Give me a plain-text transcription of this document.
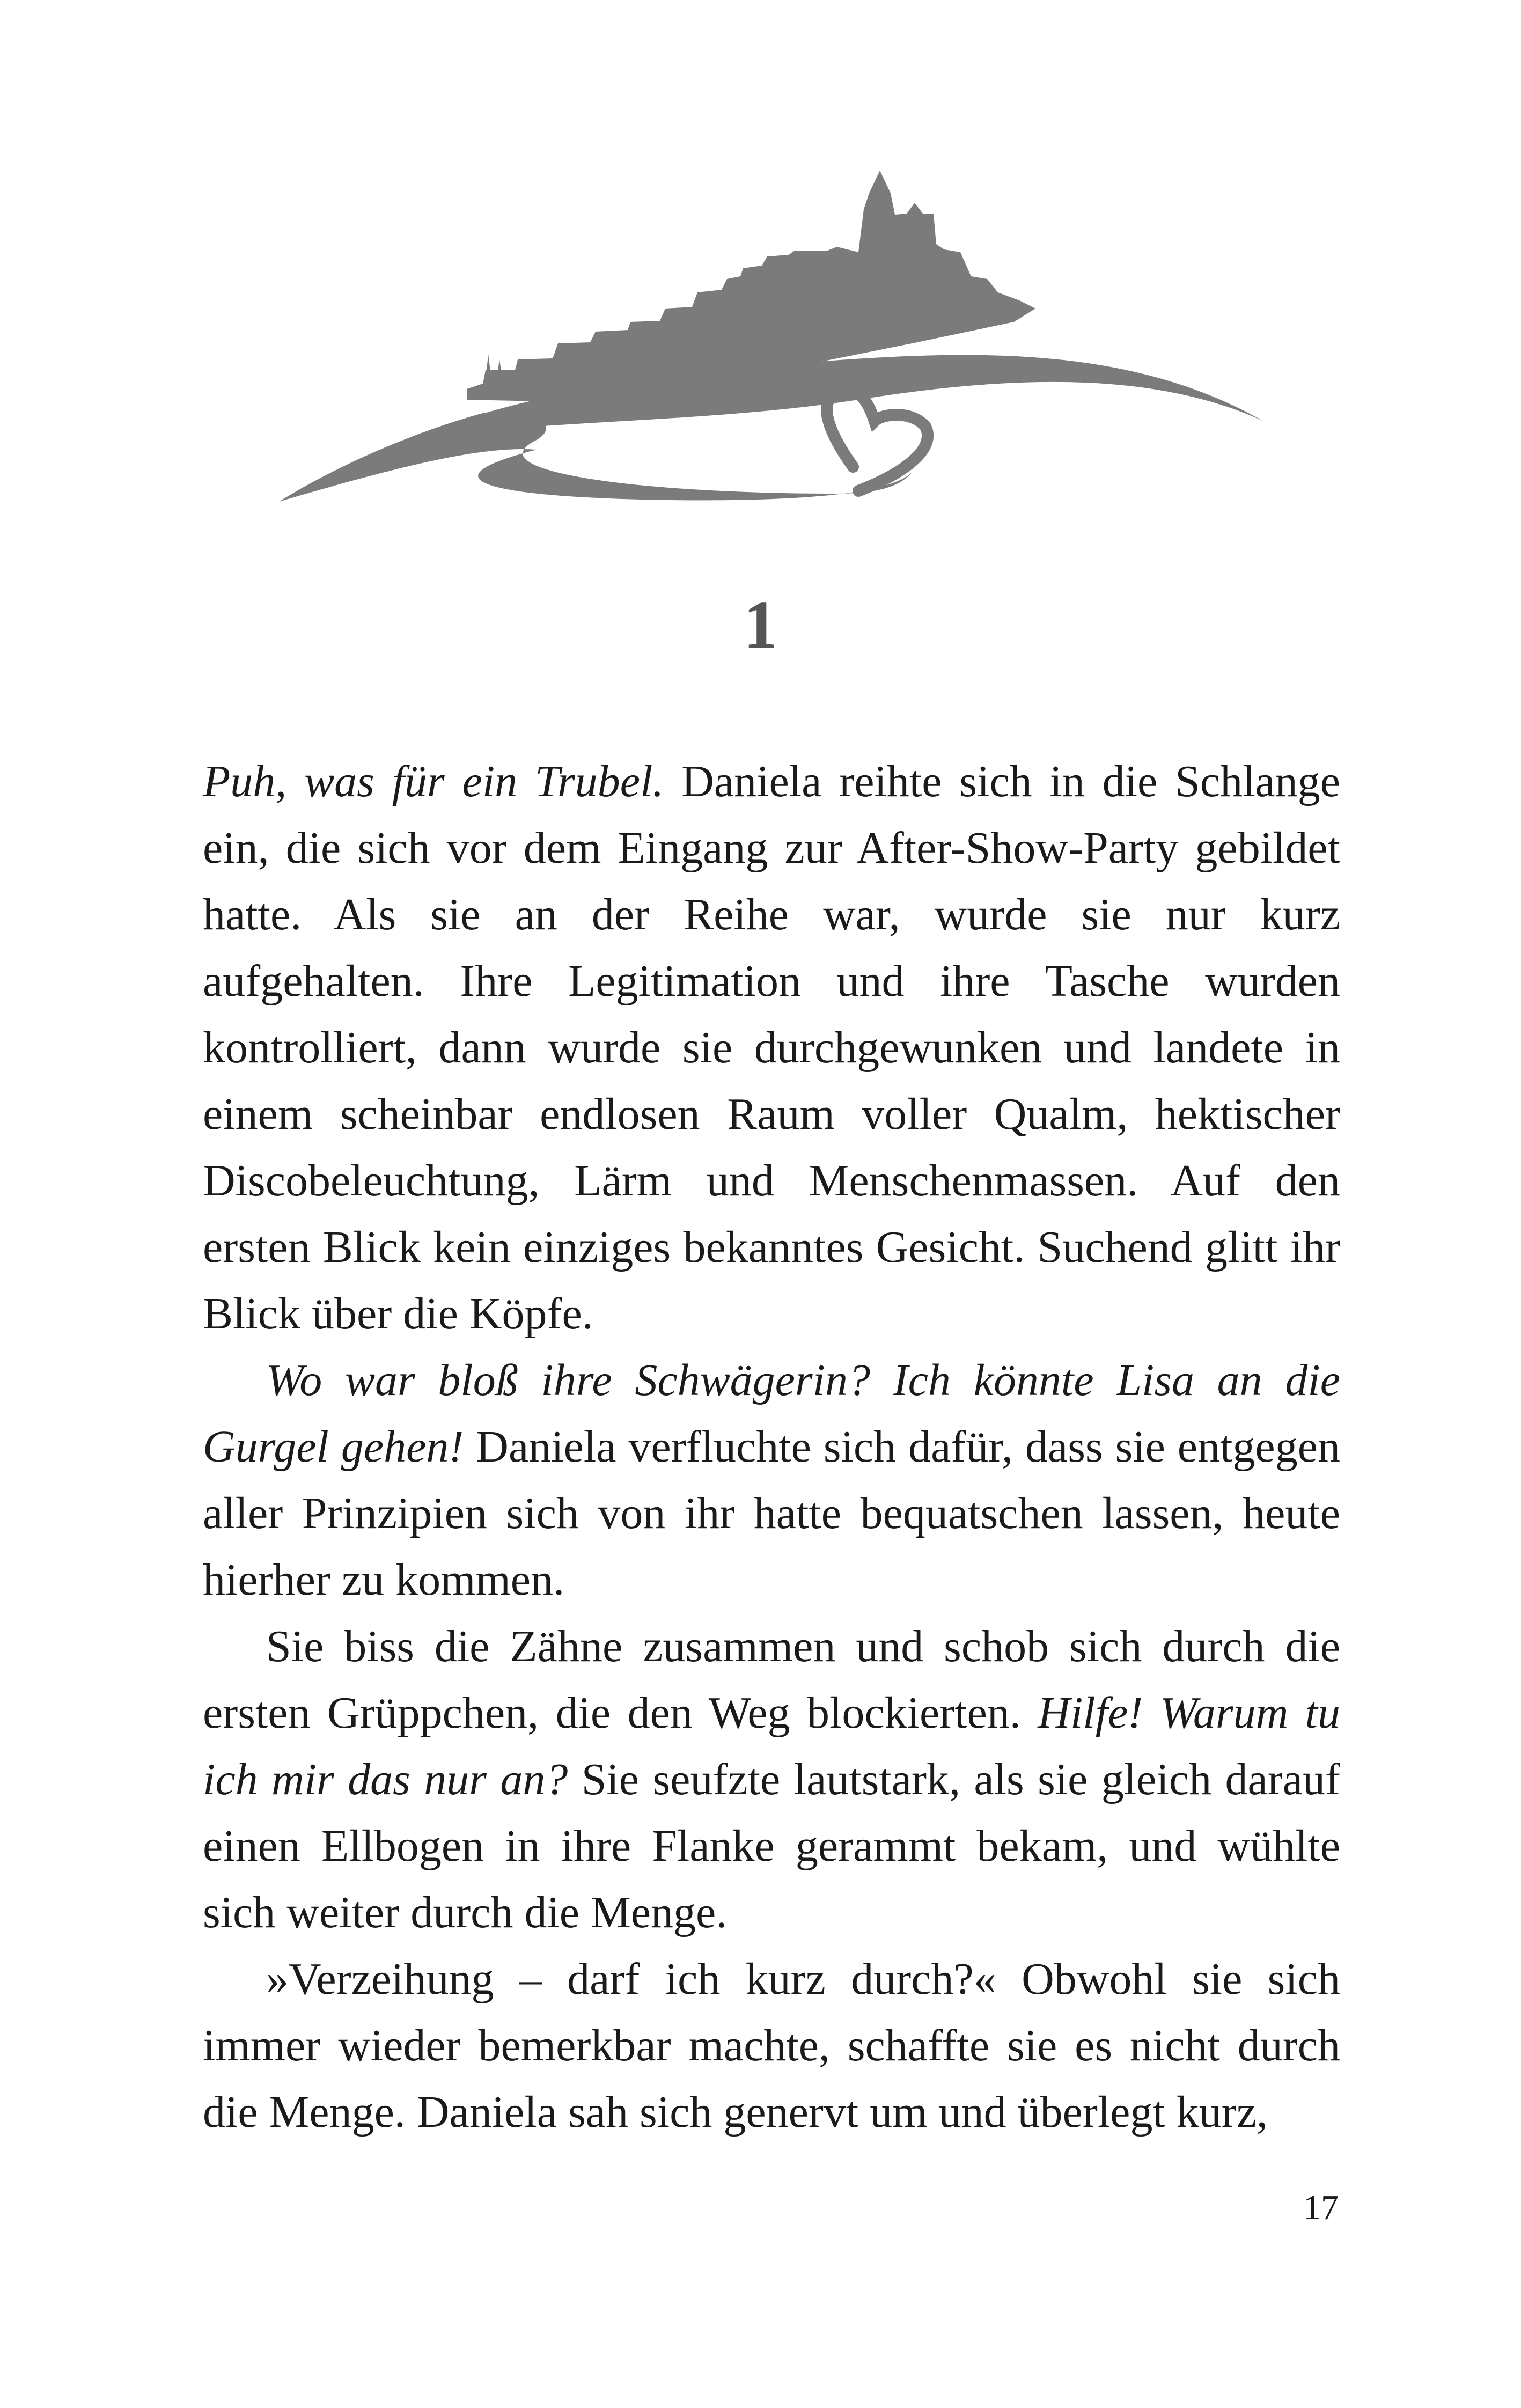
1

Puh, was für ein Trubel. Daniela reihte sich in die Schlange ein, die sich vor dem Eingang zur After-Show-Party gebildet hatte. Als sie an der Reihe war, wurde sie nur kurz aufgehalten. Ihre Legitimation und ihre Tasche wurden kontrolliert, dann wurde sie durchgewunken und landete in einem scheinbar endlosen Raum voller Qualm, hektischer Discobeleuchtung, Lärm und Menschenmassen. Auf den ersten Blick kein einziges bekanntes Gesicht. Suchend glitt ihr Blick über die Köpfe.

Wo war bloß ihre Schwägerin? Ich könnte Lisa an die Gurgel gehen! Daniela verfluchte sich dafür, dass sie entgegen aller Prinzipien sich von ihr hatte bequatschen lassen, heute hierher zu kommen.

Sie biss die Zähne zusammen und schob sich durch die ersten Grüppchen, die den Weg blockierten. Hilfe! Warum tu ich mir das nur an? Sie seufzte lautstark, als sie gleich darauf einen Ellbogen in ihre Flanke gerammt bekam, und wühlte sich weiter durch die Menge.

»Verzeihung – darf ich kurz durch?« Obwohl sie sich immer wieder bemerkbar machte, schaffte sie es nicht durch die Menge. Daniela sah sich genervt um und überlegt kurz,

17
